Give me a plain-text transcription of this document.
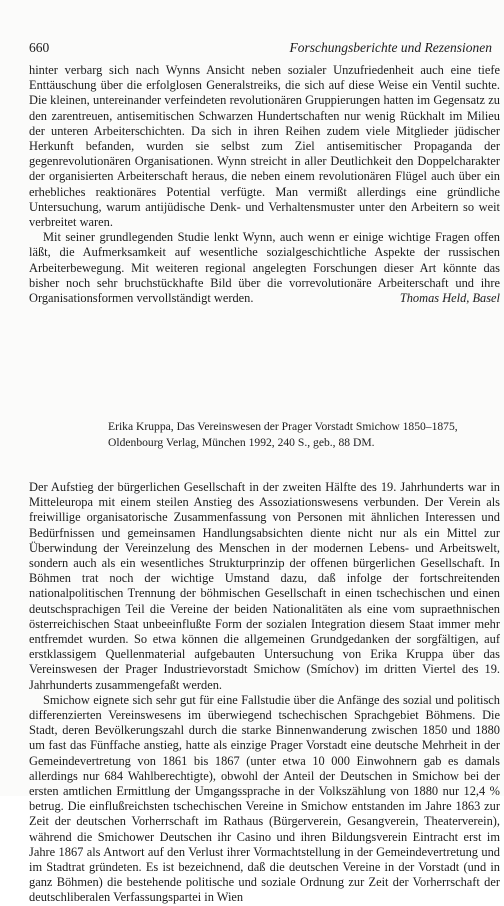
660	Forschungsberichte und Rezensionen

hinter verbarg sich nach Wynns Ansicht neben sozialer Unzufriedenheit auch eine tiefe Enttäuschung über die erfolglosen Generalstreiks, die sich auf diese Weise ein Ventil suchte. Die kleinen, untereinander verfeindeten revolutionären Gruppierungen hatten im Gegensatz zu den zarentreuen, antisemitischen Schwarzen Hundertschaften nur wenig Rückhalt im Milieu der unteren Arbeiterschichten. Da sich in ihren Reihen zudem viele Mitglieder jüdischer Herkunft befanden, wurden sie selbst zum Ziel antisemitischer Propaganda der gegenrevolutionären Organisationen. Wynn streicht in aller Deutlichkeit den Doppelcharakter der organisierten Arbeiterschaft heraus, die neben einem revolutionären Flügel auch über ein erhebliches reaktionäres Potential verfügte. Man vermißt allerdings eine gründliche Untersuchung, warum antijüdische Denk- und Verhaltensmuster unter den Arbeitern so weit verbreitet waren.

Mit seiner grundlegenden Studie lenkt Wynn, auch wenn er einige wichtige Fragen offen läßt, die Aufmerksamkeit auf wesentliche sozialgeschichtliche Aspekte der russischen Arbeiterbewegung. Mit weiteren regional angelegten Forschungen dieser Art könnte das bisher noch sehr bruchstückhafte Bild über die vorrevolutionäre Arbeiterschaft und ihre Organisationsformen vervollständigt werden.	Thomas Held, Basel

Erika Kruppa, Das Vereinswesen der Prager Vorstadt Smichow 1850–1875, Oldenbourg Verlag, München 1992, 240 S., geb., 88 DM.

Der Aufstieg der bürgerlichen Gesellschaft in der zweiten Hälfte des 19. Jahrhunderts war in Mitteleuropa mit einem steilen Anstieg des Assoziationswesens verbunden. Der Verein als freiwillige organisatorische Zusammenfassung von Personen mit ähnlichen Interessen und Bedürfnissen und gemeinsamen Handlungsabsichten diente nicht nur als ein Mittel zur Überwindung der Vereinzelung des Menschen in der modernen Lebens- und Arbeitswelt, sondern auch als ein wesentliches Strukturprinzip der offenen bürgerlichen Gesellschaft. In Böhmen trat noch der wichtige Umstand dazu, daß infolge der fortschreitenden nationalpolitischen Trennung der böhmischen Gesellschaft in einen tschechischen und einen deutschsprachigen Teil die Vereine der beiden Nationalitäten als eine vom supraethnischen österreichischen Staat unbeeinflußte Form der sozialen Integration diesem Staat immer mehr entfremdet wurden. So etwa können die allgemeinen Grundgedanken der sorgfältigen, auf erstklassigem Quellenmaterial aufgebauten Untersuchung von Erika Kruppa über das Vereinswesen der Prager Industrievorstadt Smichow (Smíchov) im dritten Viertel des 19. Jahrhunderts zusammengefaßt werden.

Smichow eignete sich sehr gut für eine Fallstudie über die Anfänge des sozial und politisch differenzierten Vereinswesens im überwiegend tschechischen Sprachgebiet Böhmens. Die Stadt, deren Bevölkerungszahl durch die starke Binnenwanderung zwischen 1850 und 1880 um fast das Fünffache anstieg, hatte als einzige Prager Vorstadt eine deutsche Mehrheit in der Gemeindevertretung von 1861 bis 1867 (unter etwa 10 000 Einwohnern gab es damals allerdings nur 684 Wahlberechtigte), obwohl der Anteil der Deutschen in Smichow bei der ersten amtlichen Ermittlung der Umgangssprache in der Volkszählung von 1880 nur 12,4 % betrug. Die einflußreichsten tschechischen Vereine in Smichow entstanden im Jahre 1863 zur Zeit der deutschen Vorherrschaft im Rathaus (Bürgerverein, Gesangverein, Theaterverein), während die Smichower Deutschen ihr Casino und ihren Bildungsverein Eintracht erst im Jahre 1867 als Antwort auf den Verlust ihrer Vormachtstellung in der Gemeindevertretung und im Stadtrat gründeten. Es ist bezeichnend, daß die deutschen Vereine in der Vorstadt (und in ganz Böhmen) die bestehende politische und soziale Ordnung zur Zeit der Vorherrschaft der deutschliberalen Verfassungspartei in Wien
